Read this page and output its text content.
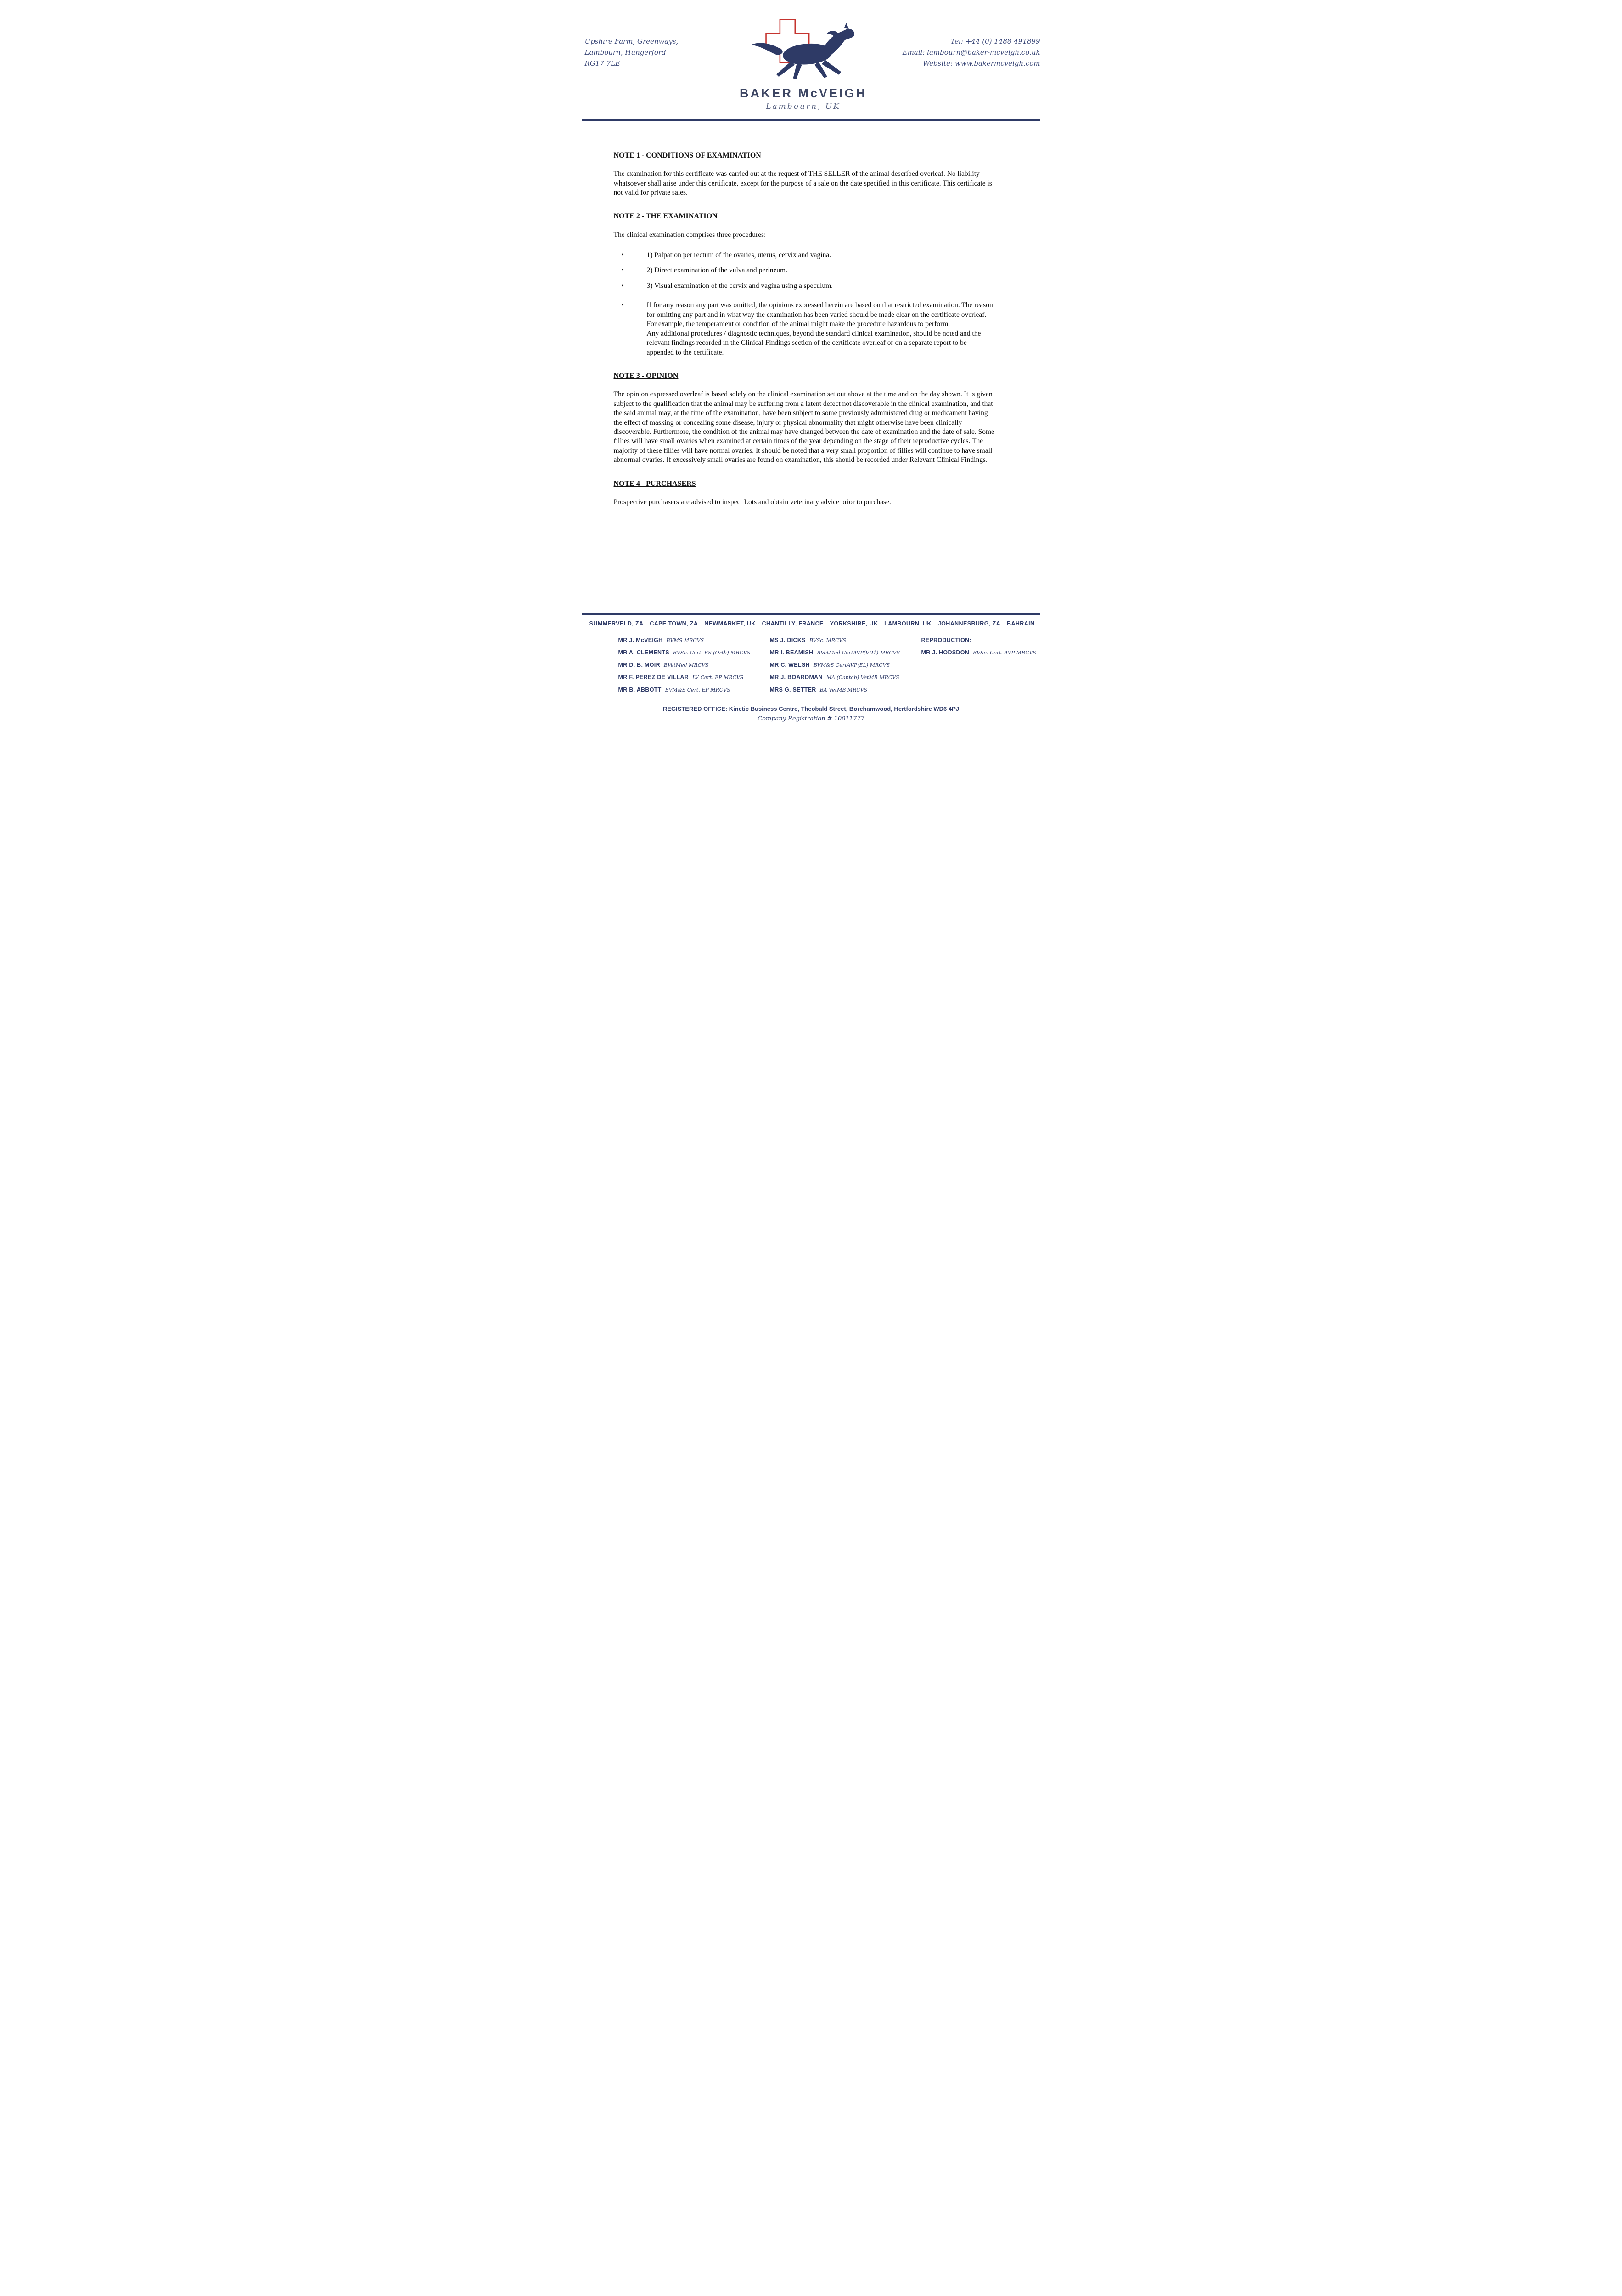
Upshire Farm, Greenways,
Lambourn, Hungerford
RG17 7LE
BAKER McVEIGH
Lambourn, UK
Tel: +44 (0) 1488 491899
Email: lambourn@baker-mcveigh.co.uk
Website: www.bakermcveigh.com
NOTE 1 - CONDITIONS OF EXAMINATION

The examination for this certificate was carried out at the request of THE SELLER of the animal described overleaf. No liability whatsoever shall arise under this certificate, except for the purpose of a sale on the date specified in this certificate. This certificate is not valid for private sales.

NOTE 2 - THE EXAMINATION

The clinical examination comprises three procedures:

•	1) Palpation per rectum of the ovaries, uterus, cervix and vagina.
•	2) Direct examination of the vulva and perineum.
•	3) Visual examination of the cervix and vagina using a speculum.
•	If for any reason any part was omitted, the opinions expressed herein are based on that restricted examination. The reason for omitting any part and in what way the examination has been varied should be made clear on the certificate overleaf. For example, the temperament or condition of the animal might make the procedure hazardous to perform.

Any additional procedures / diagnostic techniques, beyond the standard clinical examination, should be noted and the relevant findings recorded in the Clinical Findings section of the certificate overleaf or on a separate report to be appended to the certificate.

NOTE 3 - OPINION

The opinion expressed overleaf is based solely on the clinical examination set out above at the time and on the day shown. It is given subject to the qualification that the animal may be suffering from a latent defect not discoverable in the clinical examination, and that the said animal may, at the time of the examination, have been subject to some previously administered drug or medicament having the effect of masking or concealing some disease, injury or physical abnormality that might otherwise have been clinically discoverable. Furthermore, the condition of the animal may have changed between the date of examination and the date of sale. Some fillies will have small ovaries when examined at certain times of the year depending on the stage of their reproductive cycles. The majority of these fillies will have normal ovaries. It should be noted that a very small proportion of fillies will continue to have small abnormal ovaries. If excessively small ovaries are found on examination, this should be recorded under Relevant Clinical Findings.

NOTE 4 - PURCHASERS

Prospective purchasers are advised to inspect Lots and obtain veterinary advice prior to purchase.

SUMMERVELD, ZA CAPE TOWN, ZA NEWMARKET, UK CHANTILLY, FRANCE YORKSHIRE, UK LAMBOURN, UK JOHANNESBURG, ZA BAHRAIN
MR J. McVEIGH BVMS MRCVS
MR A. CLEMENTS BVSc. Cert. ES (Orth) MRCVS
MR D. B. MOIR BVetMed MRCVS
MR F. PEREZ DE VILLAR LV Cert. EP MRCVS
MR B. ABBOTT BVM&S Cert. EP MRCVS
MS J. DICKS BVSc. MRCVS
MR I. BEAMISH BVetMed CertAVP(VD1) MRCVS
MR C. WELSH BVM&S CertAVP(EL) MRCVS
MR J. BOARDMAN MA (Cantab) VetMB MRCVS
MRS G. SETTER BA VetMB MRCVS
REPRODUCTION:
MR J. HODSDON BVSc. Cert. AVP MRCVS
REGISTERED OFFICE: Kinetic Business Centre, Theobald Street, Borehamwood, Hertfordshire WD6 4PJ
Company Registration # 10011777
